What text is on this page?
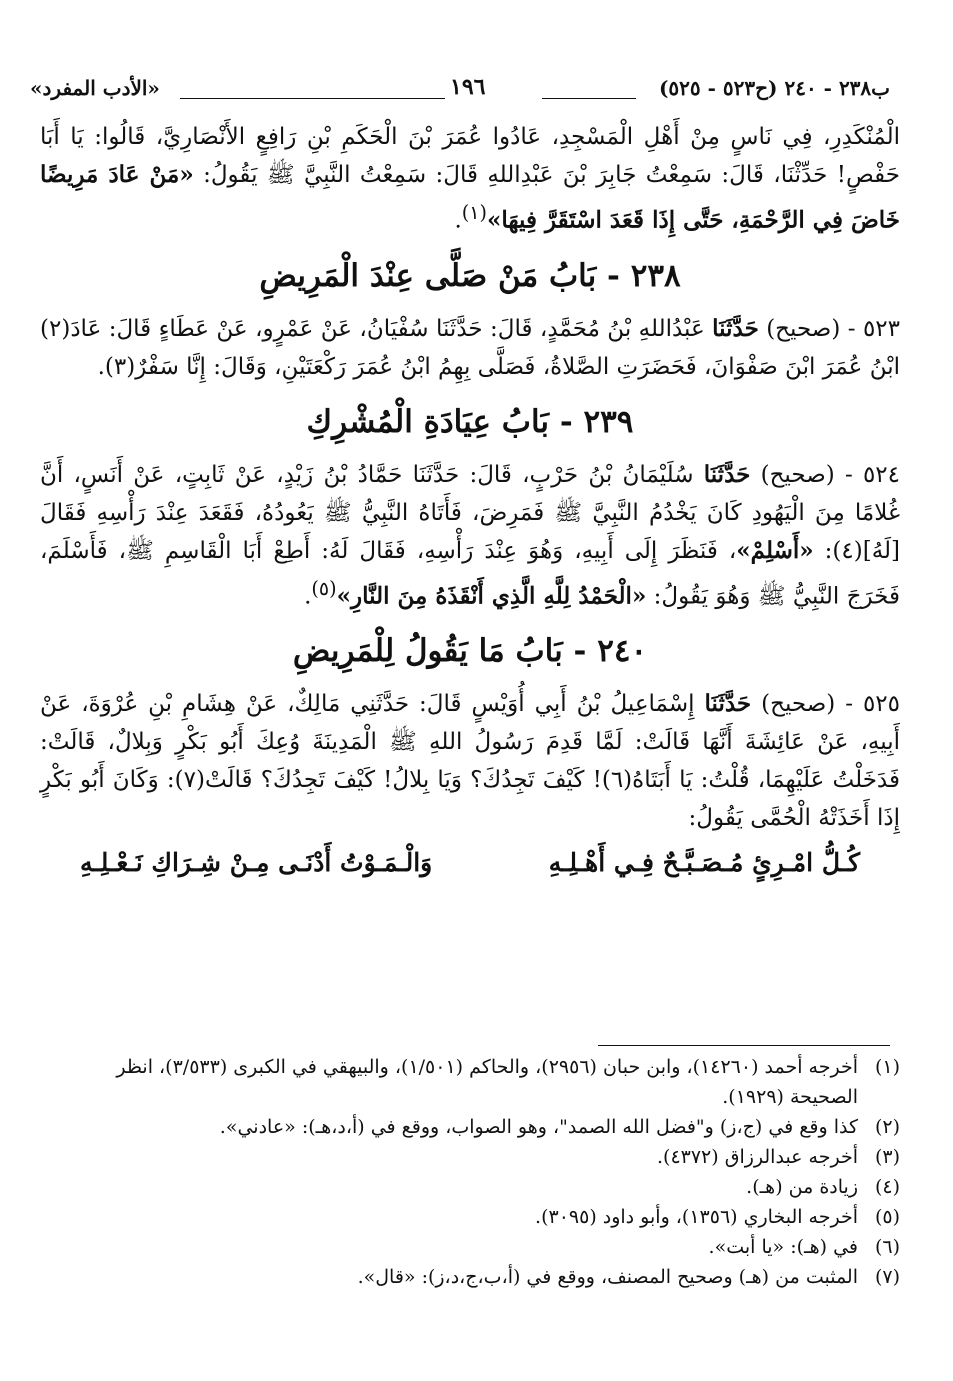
ب٢٣٨ - ٢٤٠ (ح٥٢٣ - ٥٢٥)
١٩٦
«الأدب المفرد»

الْمُنْكَدِرِ، فِي نَاسٍ مِنْ أَهْلِ الْمَسْجِدِ، عَادُوا عُمَرَ بْنَ الْحَكَمِ بْنِ رَافِعٍ الأَنْصَارِيَّ، قَالُوا: يَا أَبَا حَفْصٍ! حَدِّثْنَا، قَالَ: سَمِعْتُ جَابِرَ بْنَ عَبْدِاللهِ قَالَ: سَمِعْتُ النَّبِيَّ ﷺ يَقُولُ: «مَنْ عَادَ مَرِيضًا خَاضَ فِي الرَّحْمَةِ، حَتَّى إِذَا قَعَدَ اسْتَقَرَّ فِيهَا»$^{(١)}$.

٢٣٨ - بَابُ مَنْ صَلَّى عِنْدَ الْمَرِيضِ

٥٢٣ - (صحيح) حَدَّثَنَا عَبْدُاللهِ بْنُ مُحَمَّدٍ، قَالَ: حَدَّثَنَا سُفْيَانُ، عَنْ عَمْرٍو، عَنْ عَطَاءٍ قَالَ: عَادَ(٢) ابْنُ عُمَرَ ابْنَ صَفْوَانَ، فَحَضَرَتِ الصَّلاةُ، فَصَلَّى بِهِمُ ابْنُ عُمَرَ رَكْعَتَيْنِ، وَقَالَ: إِنَّا سَفْرٌ(٣).

٢٣٩ - بَابُ عِيَادَةِ الْمُشْرِكِ

٥٢٤ - (صحيح) حَدَّثَنَا سُلَيْمَانُ بْنُ حَرْبٍ، قَالَ: حَدَّثَنَا حَمَّادُ بْنُ زَيْدٍ، عَنْ ثَابِتٍ، عَنْ أَنَسٍ، أَنَّ غُلامًا مِنَ الْيَهُودِ كَانَ يَخْدُمُ النَّبِيَّ ﷺ فَمَرِضَ، فَأَتَاهُ النَّبِيُّ ﷺ يَعُودُهُ، فَقَعَدَ عِنْدَ رَأْسِهِ فَقَالَ [لَهُ](٤): «أَسْلِمْ»، فَنَظَرَ إِلَى أَبِيهِ، وَهُوَ عِنْدَ رَأْسِهِ، فَقَالَ لَهُ: أَطِعْ أَبَا الْقَاسِمِ ﷺ، فَأَسْلَمَ، فَخَرَجَ النَّبِيُّ ﷺ وَهُوَ يَقُولُ: «الْحَمْدُ لِلَّهِ الَّذِي أَنْقَذَهُ مِنَ النَّارِ»$^{(٥)}$.

٢٤٠ - بَابُ مَا يَقُولُ لِلْمَرِيضِ

٥٢٥ - (صحيح) حَدَّثَنَا إِسْمَاعِيلُ بْنُ أَبِي أُوَيْسٍ قَالَ: حَدَّثَنِي مَالِكٌ، عَنْ هِشَامِ بْنِ عُرْوَةَ، عَنْ أَبِيهِ، عَنْ عَائِشَةَ أَنَّهَا قَالَتْ: لَمَّا قَدِمَ رَسُولُ اللهِ ﷺ الْمَدِينَةَ وُعِكَ أَبُو بَكْرٍ وَبِلالٌ، قَالَتْ: فَدَخَلْتُ عَلَيْهِمَا، قُلْتُ: يَا أَبَتَاهُ(٦)! كَيْفَ تَجِدُكَ؟ وَيَا بِلالُ! كَيْفَ تَجِدُكَ؟ قَالَتْ(٧): وَكَانَ أَبُو بَكْرٍ إِذَا أَخَذَتْهُ الْحُمَّى يَقُولُ:

كُـلُّ امْـرِئٍ مُـصَـبَّـحٌ فِـي أَهْـلِـهِ
وَالْـمَـوْتُ أَدْنَـى مِـنْ شِـرَاكِ نَـعْـلِـهِ
(١)
أخرجه أحمد (١٤٢٦٠)، وابن حبان (٢٩٥٦)، والحاكم (١/٥٠١)، والبيهقي في الكبرى (٣/٥٣٣)، انظر الصحيحة (١٩٢٩).
(٢)
كذا وقع في (ج،ز) و"فضل الله الصمد"، وهو الصواب، ووقع في (أ،د،هـ): «عادني».
(٣)
أخرجه عبدالرزاق (٤٣٧٢).
(٤)
زيادة من (هـ).
(٥)
أخرجه البخاري (١٣٥٦)، وأبو داود (٣٠٩٥).
(٦)
في (هـ): «يا أبت».
(٧)
المثبت من (هـ) وصحيح المصنف، ووقع في (أ،ب،ج،د،ز): «قال».
